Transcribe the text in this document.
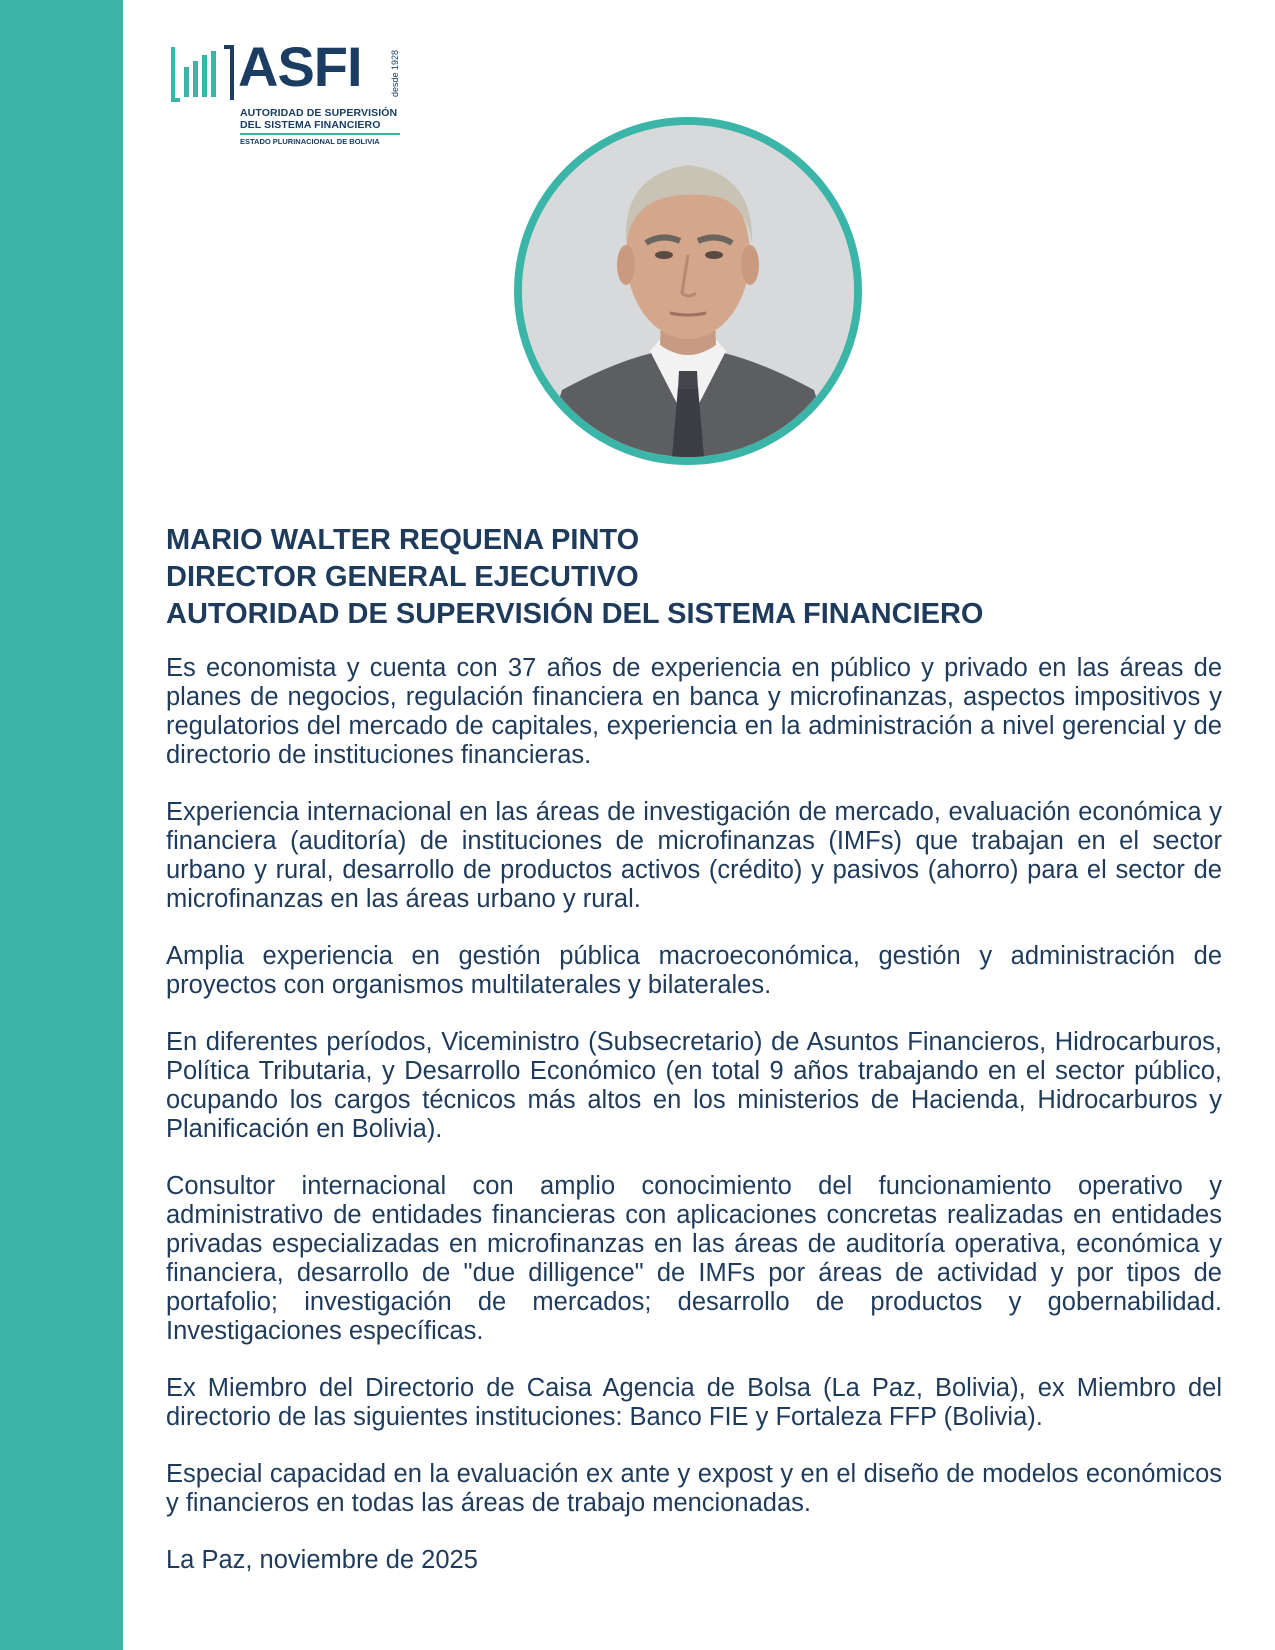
ASFI	desde 1928
AUTORIDAD DE SUPERVISIÓN
DEL SISTEMA FINANCIERO
ESTADO PLURINACIONAL DE BOLIVIA
MARIO WALTER REQUENA PINTO
DIRECTOR GENERAL EJECUTIVO
AUTORIDAD DE SUPERVISIÓN DEL SISTEMA FINANCIERO

Es economista y cuenta con 37 años de experiencia en público y privado en las áreas de planes de negocios, regulación financiera en banca y microfinanzas, aspectos impositivos y regulatorios del mercado de capitales, experiencia en la administración a nivel gerencial y de directorio de instituciones financieras.

Experiencia internacional en las áreas de investigación de mercado, evaluación económica y financiera (auditoría) de instituciones de microfinanzas (IMFs) que trabajan en el sector urbano y rural, desarrollo de productos activos (crédito) y pasivos (ahorro) para el sector de microfinanzas en las áreas urbano y rural.

Amplia experiencia en gestión pública macroeconómica, gestión y administración de proyectos con organismos multilaterales y bilaterales.

En diferentes períodos, Viceministro (Subsecretario) de Asuntos Financieros, Hidrocarburos, Política Tributaria, y Desarrollo Económico (en total 9 años trabajando en el sector público, ocupando los cargos técnicos más altos en los ministerios de Hacienda, Hidrocarburos y Planificación en Bolivia).

Consultor internacional con amplio conocimiento del funcionamiento operativo y administrativo de entidades financieras con aplicaciones concretas realizadas en entidades privadas especializadas en microfinanzas en las áreas de auditoría operativa, económica y financiera, desarrollo de "due dilligence" de IMFs por áreas de actividad y por tipos de portafolio; investigación de mercados; desarrollo de productos y gobernabilidad. Investigaciones específicas.

Ex Miembro del Directorio de Caisa Agencia de Bolsa (La Paz, Bolivia), ex Miembro del directorio de las siguientes instituciones: Banco FIE y Fortaleza FFP (Bolivia).

Especial capacidad en la evaluación ex ante y expost y en el diseño de modelos económicos y financieros en todas las áreas de trabajo mencionadas.

La Paz, noviembre de 2025
